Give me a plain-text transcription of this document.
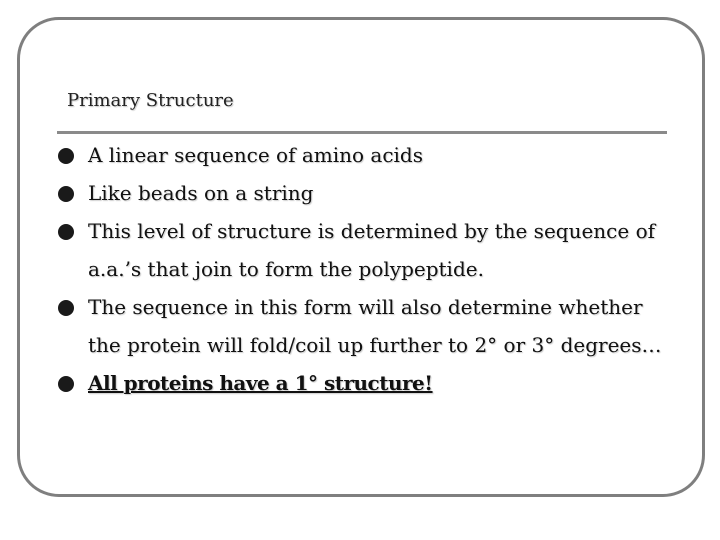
Primary Structure
A linear sequence of amino acids
Like beads on a string
This level of structure is determined by the sequence of a.a.’s that join to form the polypeptide.
The sequence in this form will also determine whether the protein will fold/coil up further to 2° or 3° degrees…
All proteins have a 1° structure!
